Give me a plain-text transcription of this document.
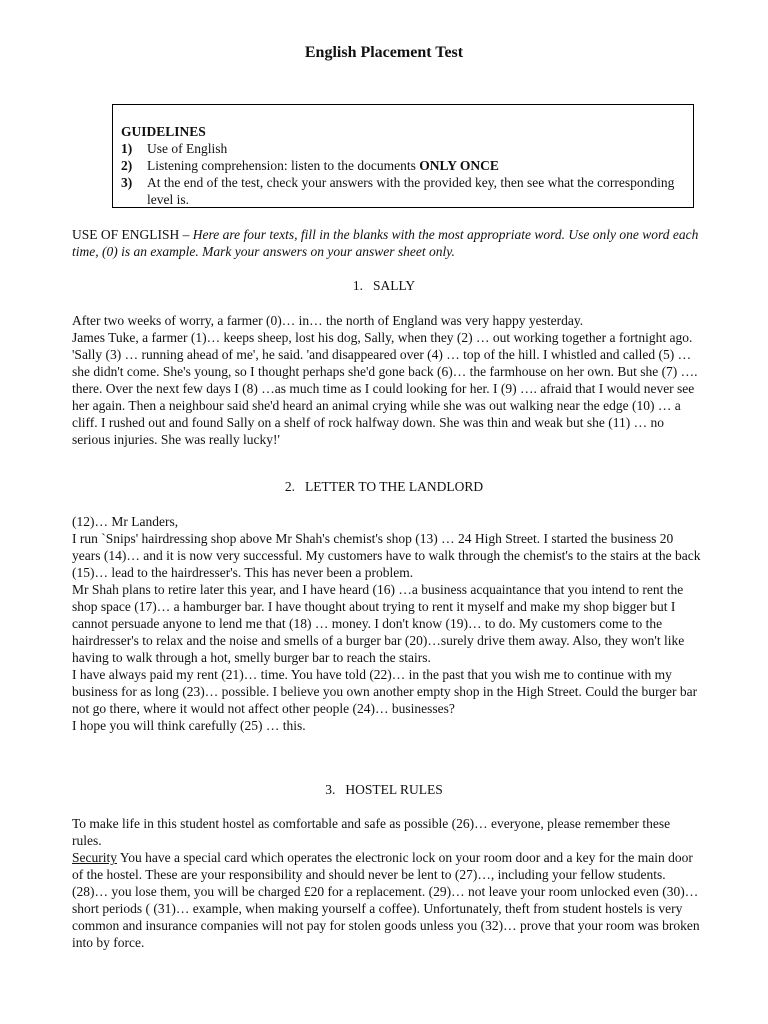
English Placement Test
GUIDELINES
1)	Use of English
2)	Listening comprehension: listen to the documents ONLY ONCE
3)	At the end of the test, check your answers with the provided key, then see what the corresponding level is.
USE OF ENGLISH – Here are four texts, fill in the blanks with the most appropriate word. Use only one word each time, (0) is an example. Mark your answers on your answer sheet only.
1. SALLY

After two weeks of worry, a farmer (0)… in… the north of England was very happy yesterday.

James Tuke, a farmer (1)… keeps sheep, lost his dog, Sally, when they (2) … out working together a fortnight ago. 'Sally (3) … running ahead of me', he said. 'and disappeared over (4) … top of the hill. I whistled and called (5) … she didn't come. She's young, so I thought perhaps she'd gone back (6)… the farmhouse on her own. But she (7) …. there. Over the next few days I (8) …as much time as I could looking for her. I (9) …. afraid that I would never see her again. Then a neighbour said she'd heard an animal crying while she was out walking near the edge (10) … a cliff. I rushed out and found Sally on a shelf of rock halfway down. She was thin and weak but she (11) … no serious injuries. She was really lucky!'

2. LETTER TO THE LANDLORD

(12)… Mr Landers,

I run `Snips' hairdressing shop above Mr Shah's chemist's shop (13) … 24 High Street. I started the business 20 years (14)… and it is now very successful. My customers have to walk through the chemist's to the stairs at the back (15)… lead to the hairdresser's. This has never been a problem.

Mr Shah plans to retire later this year, and I have heard (16) …a business acquaintance that you intend to rent the shop space (17)… a hamburger bar. I have thought about trying to rent it myself and make my shop bigger but I cannot persuade anyone to lend me that (18) … money. I don't know (19)… to do. My customers come to the hairdresser's to relax and the noise and smells of a burger bar (20)…surely drive them away. Also, they won't like having to walk through a hot, smelly burger bar to reach the stairs.

I have always paid my rent (21)… time. You have told (22)… in the past that you wish me to continue with my business for as long (23)… possible. I believe you own another empty shop in the High Street. Could the burger bar not go there, where it would not affect other people (24)… businesses?

I hope you will think carefully (25) … this.

3. HOSTEL RULES

To make life in this student hostel as comfortable and safe as possible (26)… everyone, please remember these rules.

Security You have a special card which operates the electronic lock on your room door and a key for the main door of the hostel. These are your responsibility and should never be lent to (27)…, including your fellow students. (28)… you lose them, you will be charged £20 for a replacement. (29)… not leave your room unlocked even (30)… short periods ( (31)… example, when making yourself a coffee). Unfortunately, theft from student hostels is very common and insurance companies will not pay for stolen goods unless you (32)… prove that your room was broken into by force.
